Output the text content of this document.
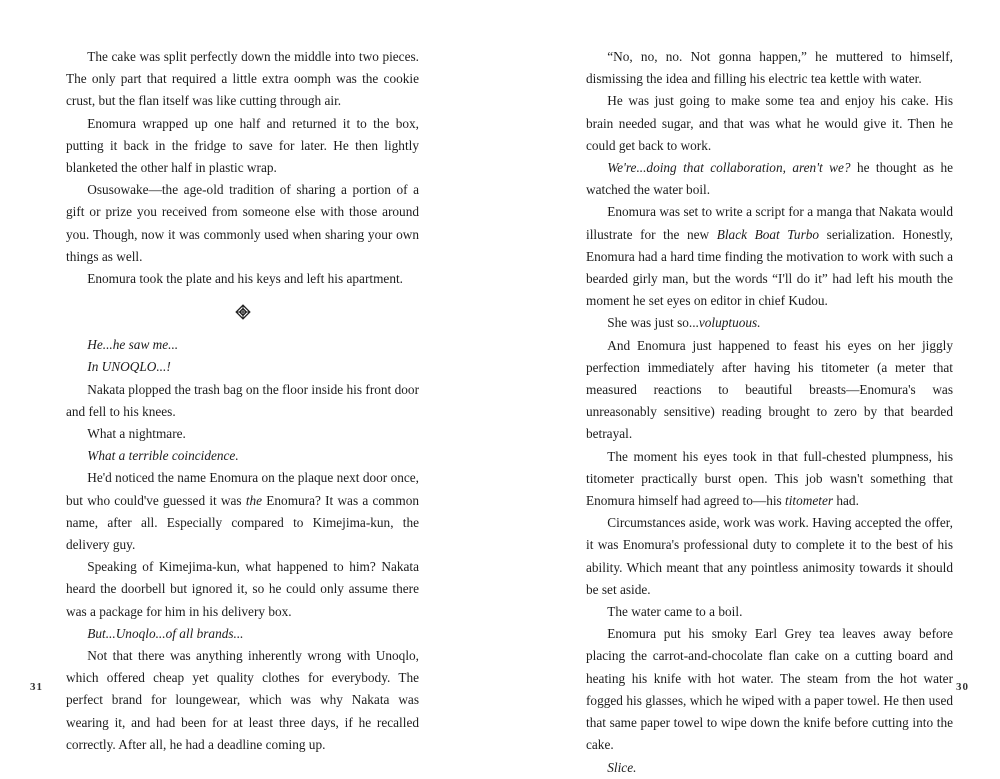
The cake was split perfectly down the middle into two pieces. The only part that required a little extra oomph was the cookie crust, but the flan itself was like cutting through air.

Enomura wrapped up one half and returned it to the box, putting it back in the fridge to save for later. He then lightly blanketed the other half in plastic wrap.

Osusowake—the age-old tradition of sharing a portion of a gift or prize you received from someone else with those around you. Though, now it was commonly used when sharing your own things as well.

Enomura took the plate and his keys and left his apartment.

He...he saw me...

In UNOQLO...!

Nakata plopped the trash bag on the floor inside his front door and fell to his knees.

What a nightmare.

What a terrible coincidence.

He'd noticed the name Enomura on the plaque next door once, but who could've guessed it was the Enomura? It was a common name, after all. Especially compared to Kimejima-kun, the delivery guy.

Speaking of Kimejima-kun, what happened to him? Nakata heard the doorbell but ignored it, so he could only assume there was a package for him in his delivery box.

But...Unoqlo...of all brands...

Not that there was anything inherently wrong with Unoqlo, which offered cheap yet quality clothes for everybody. The perfect brand for loungewear, which was why Nakata was wearing it, and had been for at least three days, if he recalled correctly. After all, he had a deadline coming up.

31

“No, no, no. Not gonna happen,” he muttered to himself, dismissing the idea and filling his electric tea kettle with water.

He was just going to make some tea and enjoy his cake. His brain needed sugar, and that was what he would give it. Then he could get back to work.

We're...doing that collaboration, aren't we? he thought as he watched the water boil.

Enomura was set to write a script for a manga that Nakata would illustrate for the new Black Boat Turbo serialization. Honestly, Enomura had a hard time finding the motivation to work with such a bearded girly man, but the words “I'll do it” had left his mouth the moment he set eyes on editor in chief Kudou.

She was just so...voluptuous.

And Enomura just happened to feast his eyes on her jiggly perfection immediately after having his titometer (a meter that measured reactions to beautiful breasts—Enomura's was unreasonably sensitive) reading brought to zero by that bearded betrayal.

The moment his eyes took in that full-chested plumpness, his titometer practically burst open. This job wasn't something that Enomura himself had agreed to—his titometer had.

Circumstances aside, work was work. Having accepted the offer, it was Enomura's professional duty to complete it to the best of his ability. Which meant that any pointless animosity towards it should be set aside.

The water came to a boil.

Enomura put his smoky Earl Grey tea leaves away before placing the carrot-and-chocolate flan cake on a cutting board and heating his knife with hot water. The steam from the hot water fogged his glasses, which he wiped with a paper towel. He then used that same paper towel to wipe down the knife before cutting into the cake.

Slice.

30
